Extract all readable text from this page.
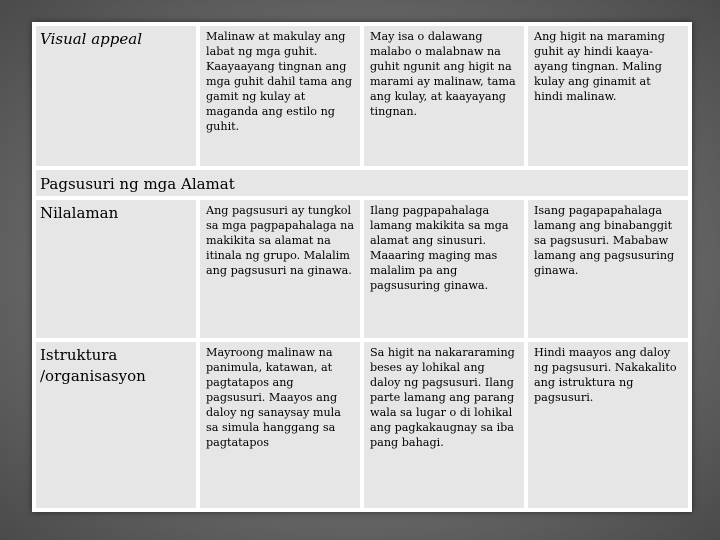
Visual appeal	Malinaw at makulay ang labat ng mga guhit. Kaayaayang tingnan ang mga guhit dahil tama ang gamit ng kulay at maganda ang estilo ng guhit.
May isa o dalawang malabo o malabnaw na guhit ngunit ang higit na marami ay malinaw, tama ang kulay, at kaayayang tingnan.
Ang higit na maraming guhit ay hindi kaaya-ayang tingnan. Maling kulay ang ginamit at hindi malinaw.
Pagsusuri ng mga Alamat
Nilalaman	Ang pagsusuri ay tungkol sa mga pagpapahalaga na makikita sa alamat na itinala ng grupo. Malalim ang pagsusuri na ginawa.
Ilang pagpapahalaga lamang makikita sa mga alamat ang sinusuri. Maaaring maging mas malalim pa ang pagsusuring ginawa.
Isang pagapapahalaga lamang ang binabanggit sa pagsusuri. Mababaw lamang ang pagsusuring ginawa.
Istruktura /organisasyon
Mayroong malinaw na panimula, katawan, at pagtatapos ang pagsusuri. Maayos ang daloy ng sanaysay mula sa simula hanggang sa pagtatapos
Sa higit na nakararaming beses ay lohikal ang daloy ng pagsusuri. Ilang parte lamang ang parang wala sa lugar o di lohikal ang pagkakaugnay sa iba pang bahagi.
Hindi maayos ang daloy ng pagsusuri. Nakakalito ang istruktura ng pagsusuri.
